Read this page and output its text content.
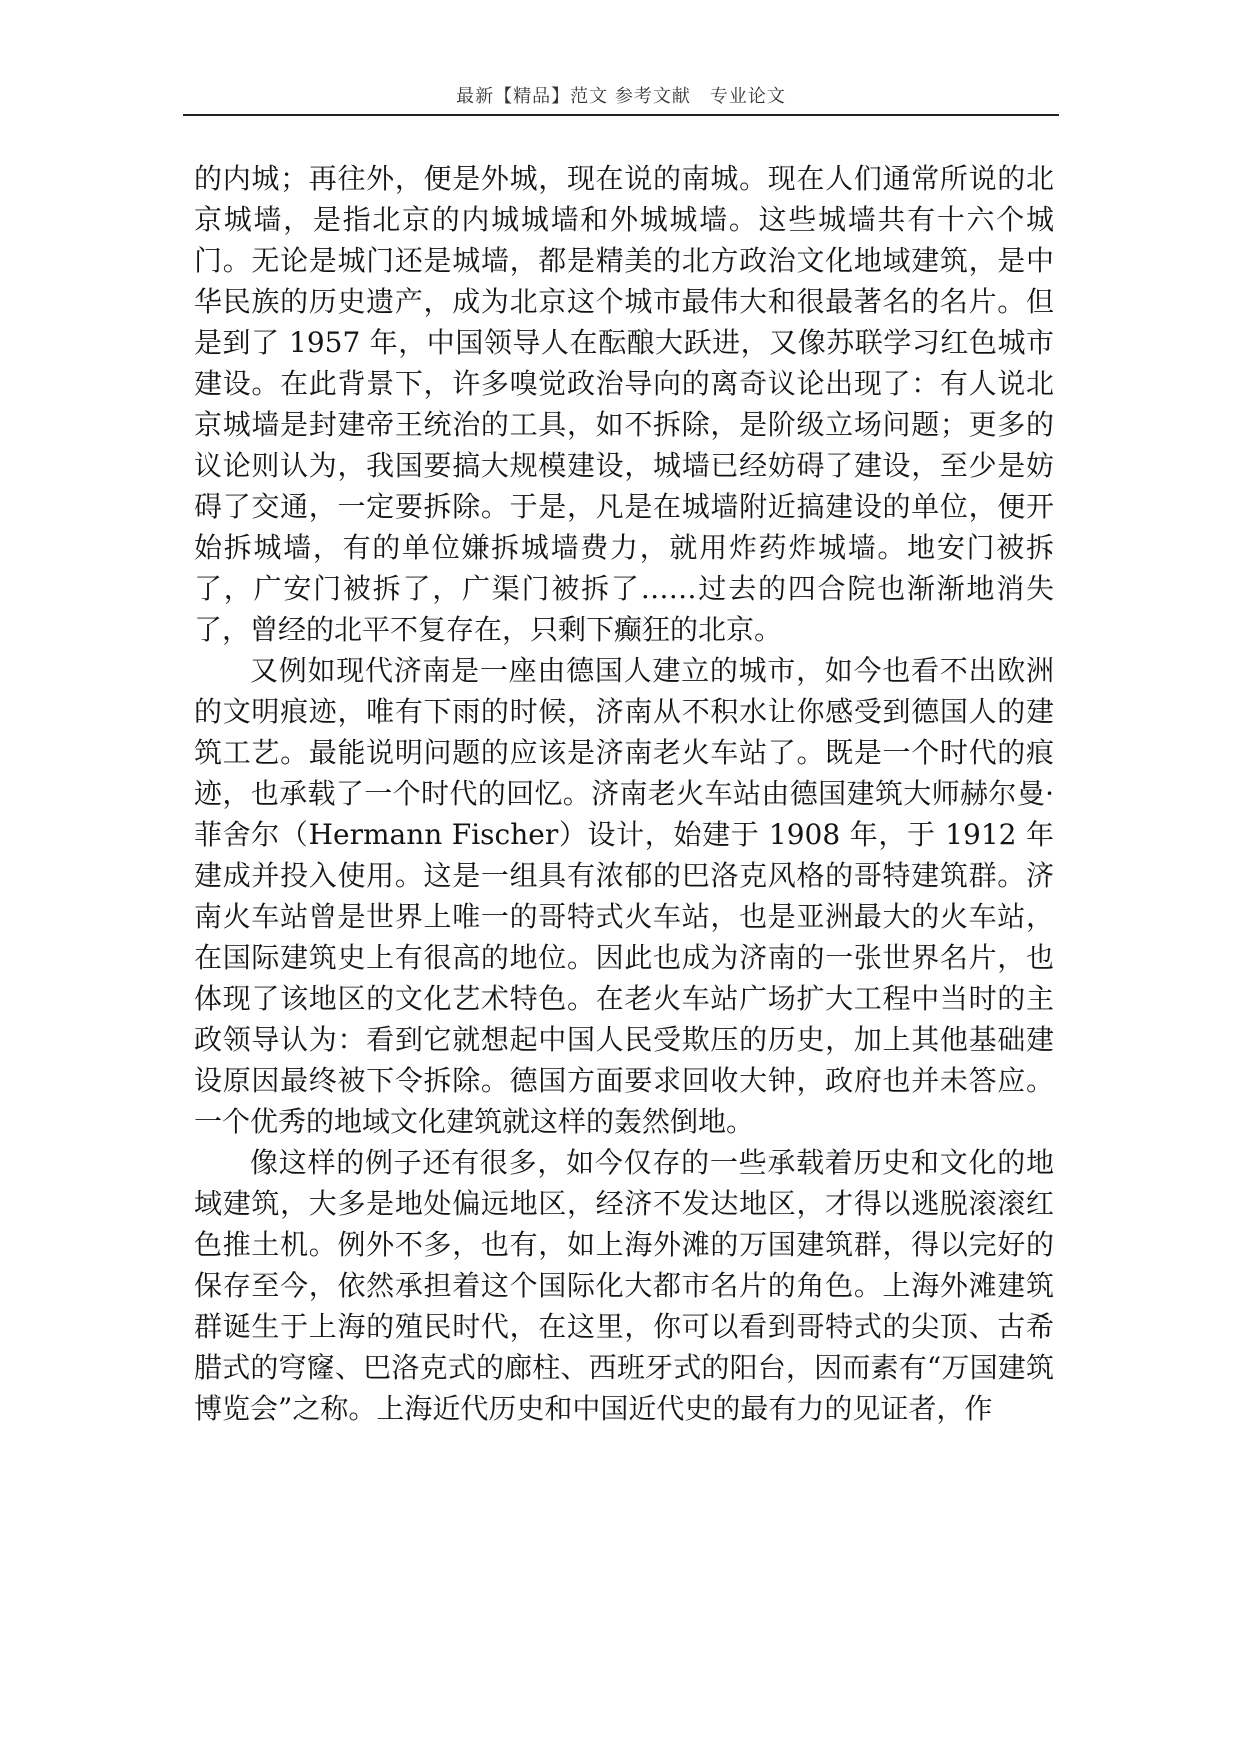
最新【精品】范文 参考文献　专业论文

的内城；再往外，便是外城，现在说的南城。现在人们通常所说的北京城墙，是指北京的内城城墙和外城城墙。这些城墙共有十六个城门。无论是城门还是城墙，都是精美的北方政治文化地域建筑，是中华民族的历史遗产，成为北京这个城市最伟大和很最著名的名片。但是到了 1957 年，中国领导人在酝酿大跃进，又像苏联学习红色城市建设。在此背景下，许多嗅觉政治导向的离奇议论出现了：有人说北京城墙是封建帝王统治的工具，如不拆除，是阶级立场问题；更多的议论则认为，我国要搞大规模建设，城墙已经妨碍了建设，至少是妨碍了交通，一定要拆除。于是，凡是在城墙附近搞建设的单位，便开始拆城墙，有的单位嫌拆城墙费力，就用炸药炸城墙。地安门被拆了，广安门被拆了，广渠门被拆了……过去的四合院也渐渐地消失了，曾经的北平不复存在，只剩下癫狂的北京。

又例如现代济南是一座由德国人建立的城市，如今也看不出欧洲的文明痕迹，唯有下雨的时候，济南从不积水让你感受到德国人的建筑工艺。最能说明问题的应该是济南老火车站了。既是一个时代的痕迹，也承载了一个时代的回忆。济南老火车站由德国建筑大师赫尔曼·菲舍尔（Hermann Fischer）设计，始建于 1908 年，于 1912 年建成并投入使用。这是一组具有浓郁的巴洛克风格的哥特建筑群。济南火车站曾是世界上唯一的哥特式火车站，也是亚洲最大的火车站，在国际建筑史上有很高的地位。因此也成为济南的一张世界名片，也体现了该地区的文化艺术特色。在老火车站广场扩大工程中当时的主政领导认为：看到它就想起中国人民受欺压的历史，加上其他基础建设原因最终被下令拆除。德国方面要求回收大钟，政府也并未答应。一个优秀的地域文化建筑就这样的轰然倒地。

像这样的例子还有很多，如今仅存的一些承载着历史和文化的地域建筑，大多是地处偏远地区，经济不发达地区，才得以逃脱滚滚红色推土机。例外不多，也有，如上海外滩的万国建筑群，得以完好的保存至今，依然承担着这个国际化大都市名片的角色。上海外滩建筑群诞生于上海的殖民时代，在这里，你可以看到哥特式的尖顶、古希腊式的穹窿、巴洛克式的廊柱、西班牙式的阳台，因而素有“万国建筑博览会”之称。上海近代历史和中国近代史的最有力的见证者，作
